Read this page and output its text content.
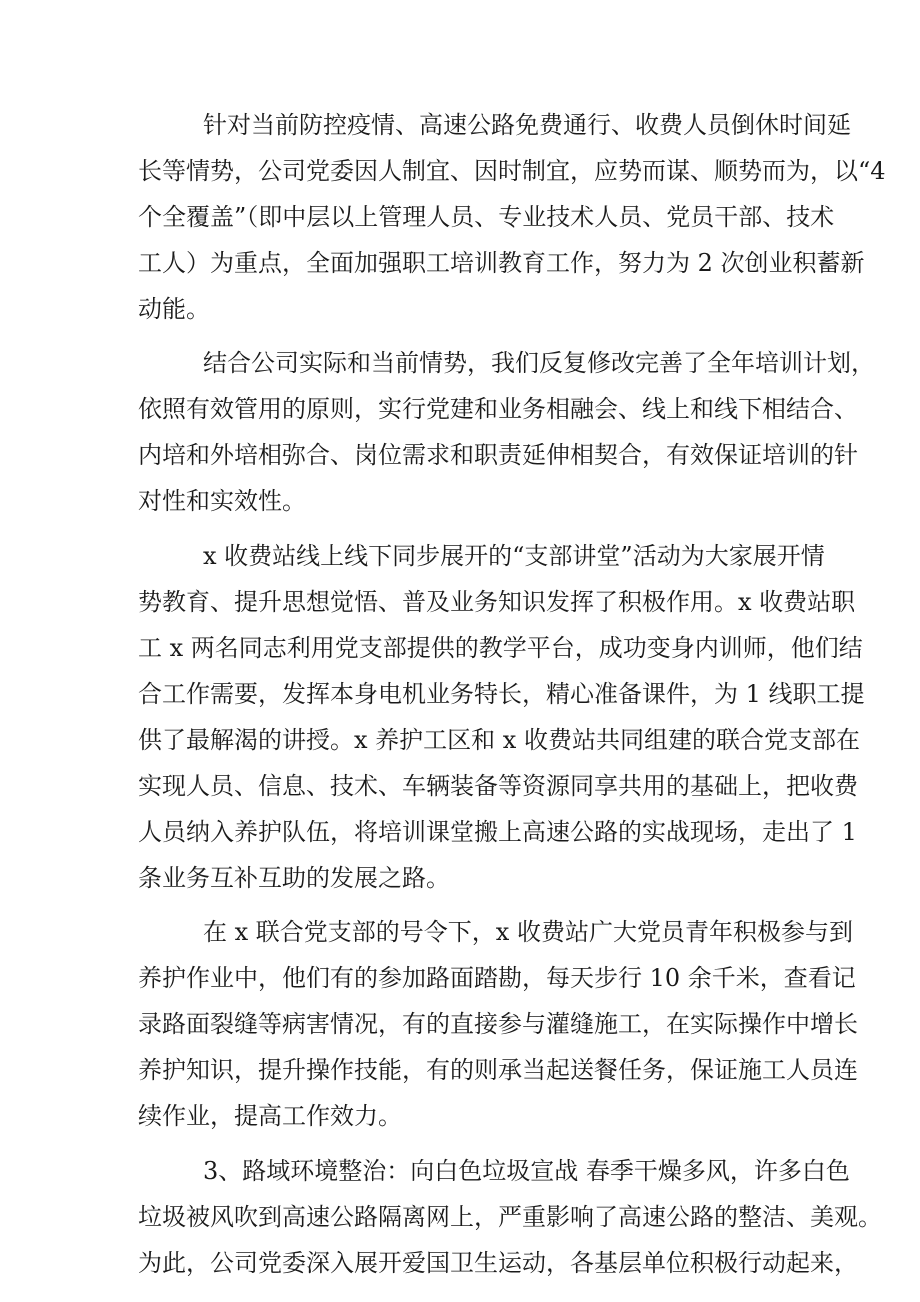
针对当前防控疫情、高速公路免费通行、收费人员倒休时间延
长等情势，公司党委因人制宜、因时制宜，应势而谋、顺势而为，以“4
个全覆盖”（即中层以上管理人员、专业技术人员、党员干部、技术
工人）为重点，全面加强职工培训教育工作，努力为 2 次创业积蓄新
动能。
结合公司实际和当前情势，我们反复修改完善了全年培训计划，
依照有效管用的原则，实行党建和业务相融会、线上和线下相结合、
内培和外培相弥合、岗位需求和职责延伸相契合，有效保证培训的针
对性和实效性。
x 收费站线上线下同步展开的“支部讲堂”活动为大家展开情
势教育、提升思想觉悟、普及业务知识发挥了积极作用。x 收费站职
工 x 两名同志利用党支部提供的教学平台，成功变身内训师，他们结
合工作需要，发挥本身电机业务特长，精心准备课件，为 1 线职工提
供了最解渴的讲授。x 养护工区和 x 收费站共同组建的联合党支部在
实现人员、信息、技术、车辆装备等资源同享共用的基础上，把收费
人员纳入养护队伍，将培训课堂搬上高速公路的实战现场，走出了 1
条业务互补互助的发展之路。
在 x 联合党支部的号令下，x 收费站广大党员青年积极参与到
养护作业中，他们有的参加路面踏勘，每天步行 10 余千米，查看记
录路面裂缝等病害情况，有的直接参与灌缝施工，在实际操作中增长
养护知识，提升操作技能，有的则承当起送餐任务，保证施工人员连
续作业，提高工作效力。
3、路域环境整治：向白色垃圾宣战 春季干燥多风，许多白色
垃圾被风吹到高速公路隔离网上，严重影响了高速公路的整洁、美观。
为此，公司党委深入展开爱国卫生运动，各基层单位积极行动起来，
